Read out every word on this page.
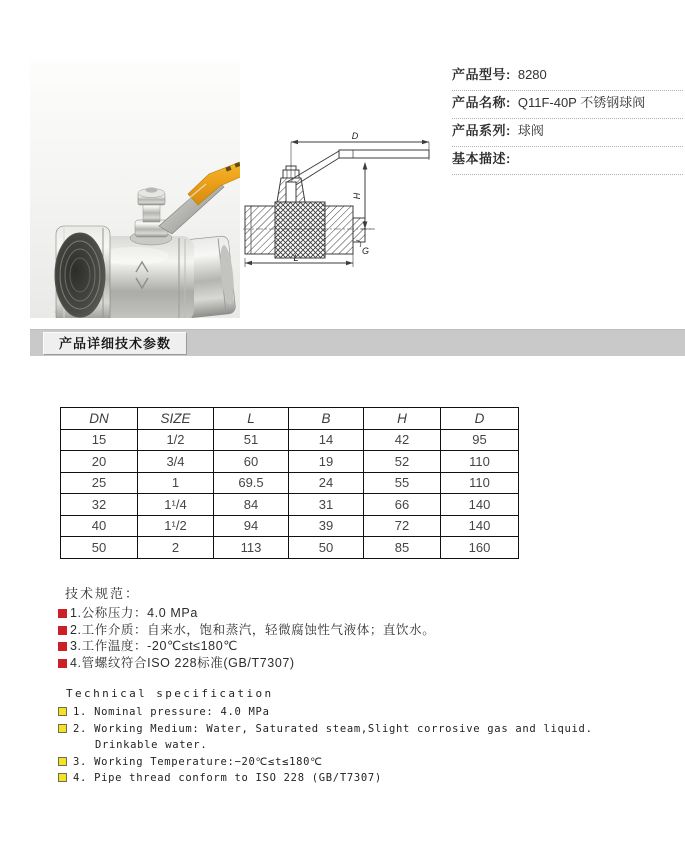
D
H
G
L
产品型号: 8280
产品名称: Q11F-40P 不锈钢球阀
产品系列: 球阀
基本描述:
产品详细技术参数
DN	SIZE	L	B	H	D
15	1/2	51	14	42	95
20	3/4	60	19	52	110
25	1	69.5	24	55	110
32	1¹/4	84	31	66	140
40	1¹/2	94	39	72	140
50	2	113	50	85	160
技术规范：
1.公称压力：4.0 MPa
2.工作介质：自来水，饱和蒸汽，轻微腐蚀性气液体；直饮水。
3.工作温度：-20℃≤t≤180℃
4.管螺纹符合ISO 228标准(GB/T7307)
Technical specification
1. Nominal pressure: 4.0 MPa
2. Working Medium: Water, Saturated steam,Slight corrosive gas and liquid. Drinkable water.
3. Working Temperature:−20℃≤t≤180℃
4. Pipe thread conform to ISO 228 (GB/T7307)
